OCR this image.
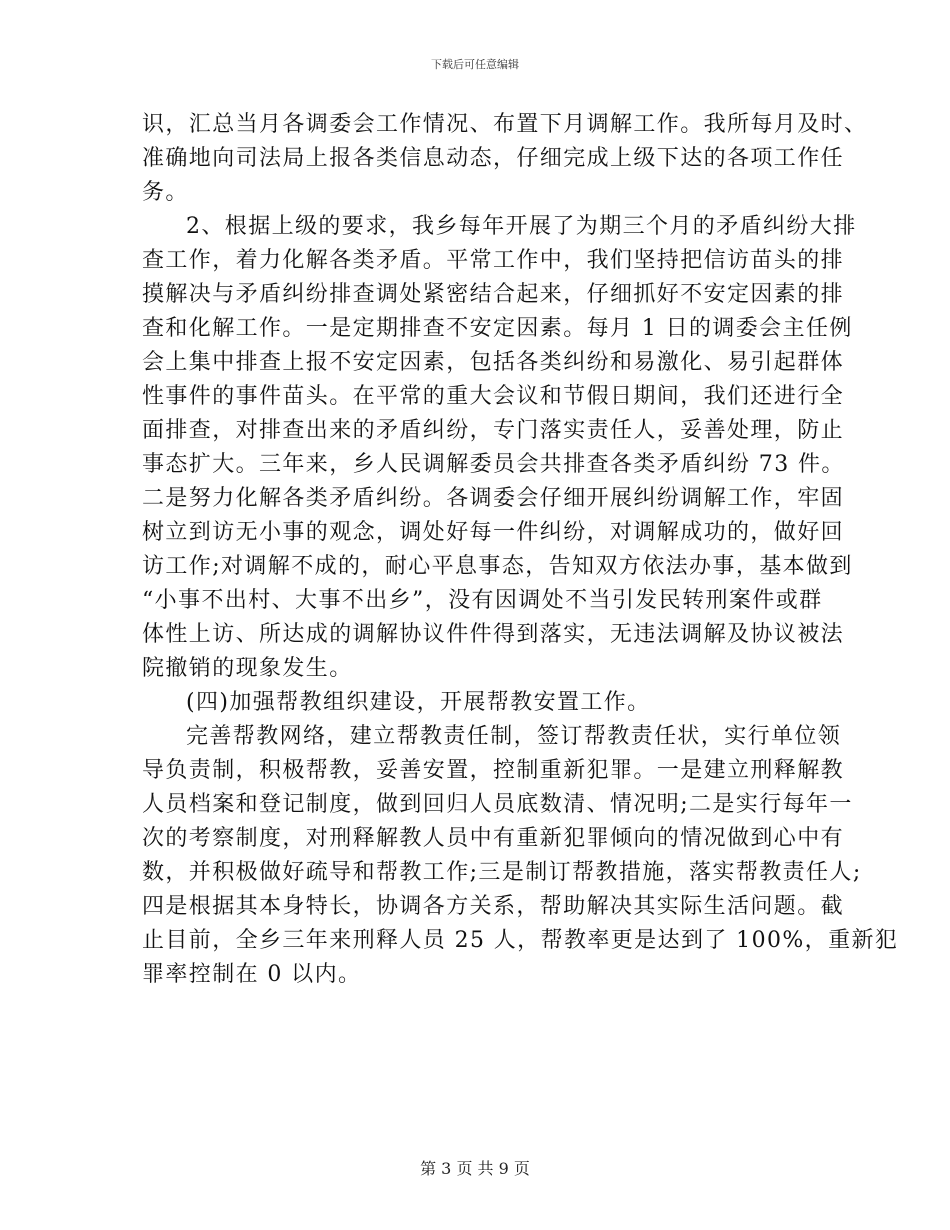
下载后可任意编辑
识，汇总当月各调委会工作情况、布置下月调解工作。我所每月及时、
准确地向司法局上报各类信息动态，仔细完成上级下达的各项工作任
务。
2、根据上级的要求，我乡每年开展了为期三个月的矛盾纠纷大排
查工作，着力化解各类矛盾。平常工作中，我们坚持把信访苗头的排
摸解决与矛盾纠纷排查调处紧密结合起来，仔细抓好不安定因素的排
查和化解工作。一是定期排查不安定因素。每月 1 日的调委会主任例
会上集中排查上报不安定因素，包括各类纠纷和易激化、易引起群体
性事件的事件苗头。在平常的重大会议和节假日期间，我们还进行全
面排查，对排查出来的矛盾纠纷，专门落实责任人，妥善处理，防止
事态扩大。三年来，乡人民调解委员会共排查各类矛盾纠纷 73 件。
二是努力化解各类矛盾纠纷。各调委会仔细开展纠纷调解工作，牢固
树立到访无小事的观念，调处好每一件纠纷，对调解成功的，做好回
访工作;对调解不成的，耐心平息事态，告知双方依法办事，基本做到
“小事不出村、大事不出乡”，没有因调处不当引发民转刑案件或群
体性上访、所达成的调解协议件件得到落实，无违法调解及协议被法
院撤销的现象发生。
(四)加强帮教组织建设，开展帮教安置工作。
完善帮教网络，建立帮教责任制，签订帮教责任状，实行单位领
导负责制，积极帮教，妥善安置，控制重新犯罪。一是建立刑释解教
人员档案和登记制度，做到回归人员底数清、情况明;二是实行每年一
次的考察制度，对刑释解教人员中有重新犯罪倾向的情况做到心中有
数，并积极做好疏导和帮教工作;三是制订帮教措施，落实帮教责任人;
四是根据其本身特长，协调各方关系，帮助解决其实际生活问题。截
止目前，全乡三年来刑释人员 25 人，帮教率更是达到了 100%，重新犯
罪率控制在 0 以内。
第 3 页 共 9 页
